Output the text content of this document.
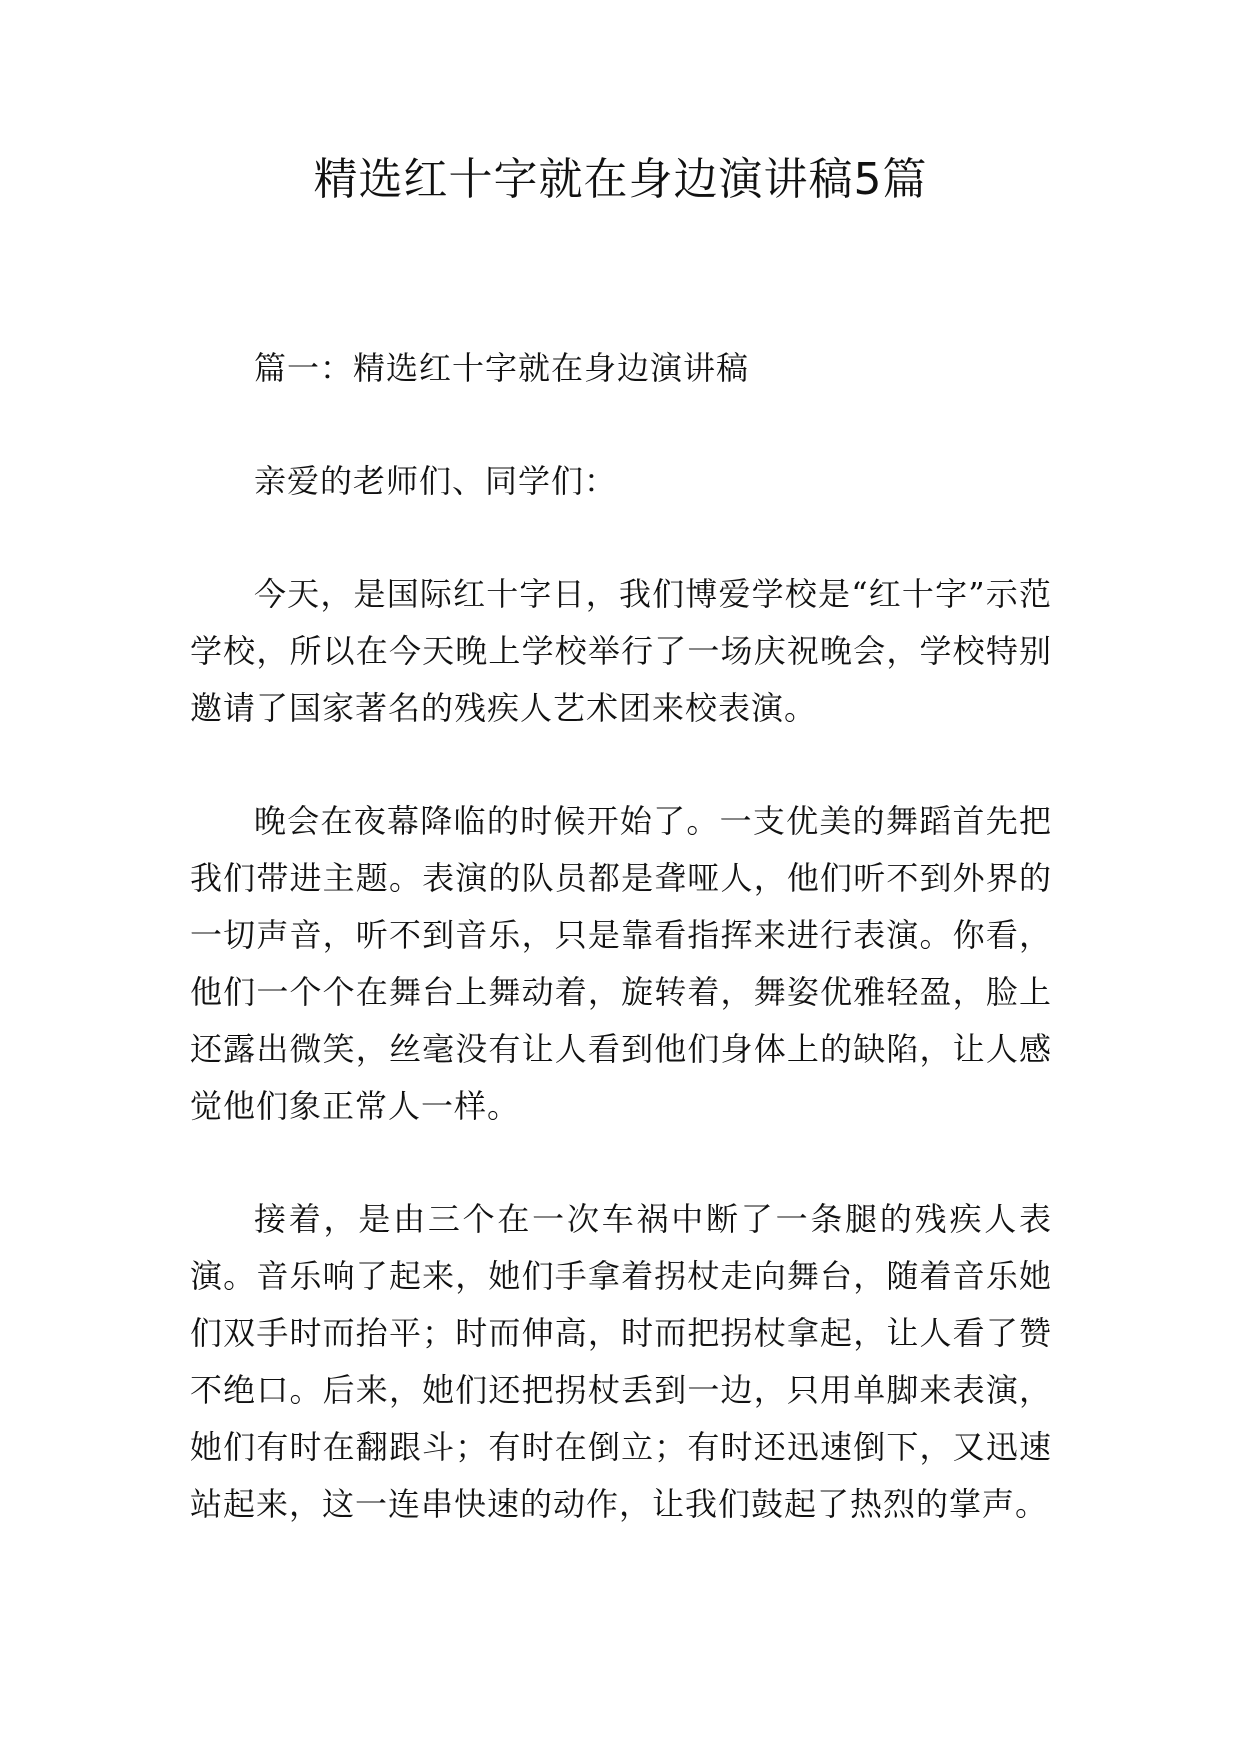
精选红十字就在身边演讲稿5篇

篇一：精选红十字就在身边演讲稿

亲爱的老师们、同学们：

今天，是国际红十字日，我们博爱学校是“红十字”示范学校，所以在今天晚上学校举行了一场庆祝晚会，学校特别邀请了国家著名的残疾人艺术团来校表演。

晚会在夜幕降临的时候开始了。一支优美的舞蹈首先把我们带进主题。表演的队员都是聋哑人，他们听不到外界的一切声音，听不到音乐，只是靠看指挥来进行表演。你看，他们一个个在舞台上舞动着，旋转着，舞姿优雅轻盈，脸上还露出微笑，丝毫没有让人看到他们身体上的缺陷，让人感觉他们象正常人一样。

接着，是由三个在一次车祸中断了一条腿的残疾人表演。音乐响了起来，她们手拿着拐杖走向舞台，随着音乐她们双手时而抬平；时而伸高，时而把拐杖拿起，让人看了赞不绝口。后来，她们还把拐杖丢到一边，只用单脚来表演，她们有时在翻跟斗；有时在倒立；有时还迅速倒下，又迅速站起来，这一连串快速的动作，让我们鼓起了热烈的掌声。
